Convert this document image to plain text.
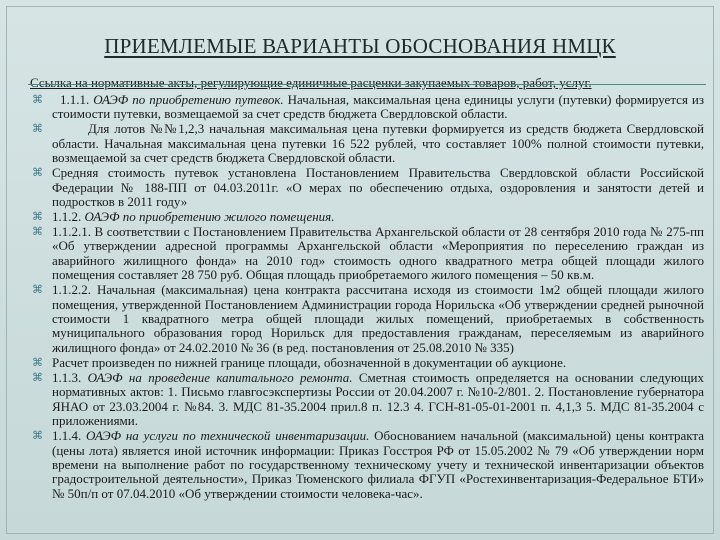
ПРИЕМЛЕМЫЕ ВАРИАНТЫ ОБОСНОВАНИЯ НМЦК
Ссылка на нормативные акты, регулирующие единичные расценки закупаемых товаров, работ, услуг.
⌘ 1.1.1. ОАЭФ по приобретению путевок. Начальная, максимальная цена единицы услуги (путевки) формируется из стоимости путевки, возмещаемой за счет средств бюджета Свердловской области.
⌘	Для лотов №№1,2,3 начальная максимальная цена путевки формируется из средств бюджета Свердловской области. Начальная максимальная цена путевки 16 522 рублей, что составляет 100% полной стоимости путевки, возмещаемой за счет средств бюджета Свердловской области.
⌘ Средняя стоимость путевок установлена Постановлением Правительства Свердловской области Российской Федерации № 188-ПП от 04.03.2011г. «О мерах по обеспечению отдыха, оздоровления и занятости детей и подростков в 2011 году»
⌘ 1.1.2. ОАЭФ по приобретению жилого помещения.
⌘ 1.1.2.1. В соответствии с Постановлением Правительства Архангельской области от 28 сентября 2010 года № 275-пп «Об утверждении адресной программы Архангельской области «Мероприятия по переселению граждан из аварийного жилищного фонда» на 2010 год» стоимость одного квадратного метра общей площади жилого помещения составляет 28 750 руб. Общая площадь приобретаемого жилого помещения – 50 кв.м.
⌘ 1.1.2.2. Начальная (максимальная) цена контракта рассчитана исходя из стоимости 1м2 общей площади жилого помещения, утвержденной Постановлением Администрации города Норильска «Об утверждении средней рыночной стоимости 1 квадратного метра общей площади жилых помещений, приобретаемых в собственность муниципального образования город Норильск для предоставления гражданам, переселяемым из аварийного жилищного фонда» от 24.02.2010 № 36 (в ред. постановления от 25.08.2010 № 335)
⌘ Расчет произведен по нижней границе площади, обозначенной в документации об аукционе.
⌘ 1.1.3. ОАЭФ на проведение капитального ремонта. Сметная стоимость определяется на основании следующих нормативных актов: 1. Письмо главгосэкспертизы России от 20.04.2007 г. №10-2/801. 2. Постановление губернатора ЯНАО от 23.03.2004 г. №84. 3. МДС 81-35.2004 прил.8 п. 12.3 4. ГСН-81-05-01-2001 п. 4,1,3 5. МДС 81-35.2004 с приложениями.
⌘ 1.1.4. ОАЭФ на услуги по технической инвентаризации. Обоснованием начальной (максимальной) цены контракта (цены лота) является иной источник информации: Приказ Госстроя РФ от 15.05.2002 № 79 «Об утверждении норм времени на выполнение работ по государственному техническому учету и технической инвентаризации объектов градостроительной деятельности», Приказ Тюменского филиала ФГУП «Ростехинвентаризация-Федеральное БТИ» № 50п/п от 07.04.2010 «Об утверждении стоимости человека-час».
